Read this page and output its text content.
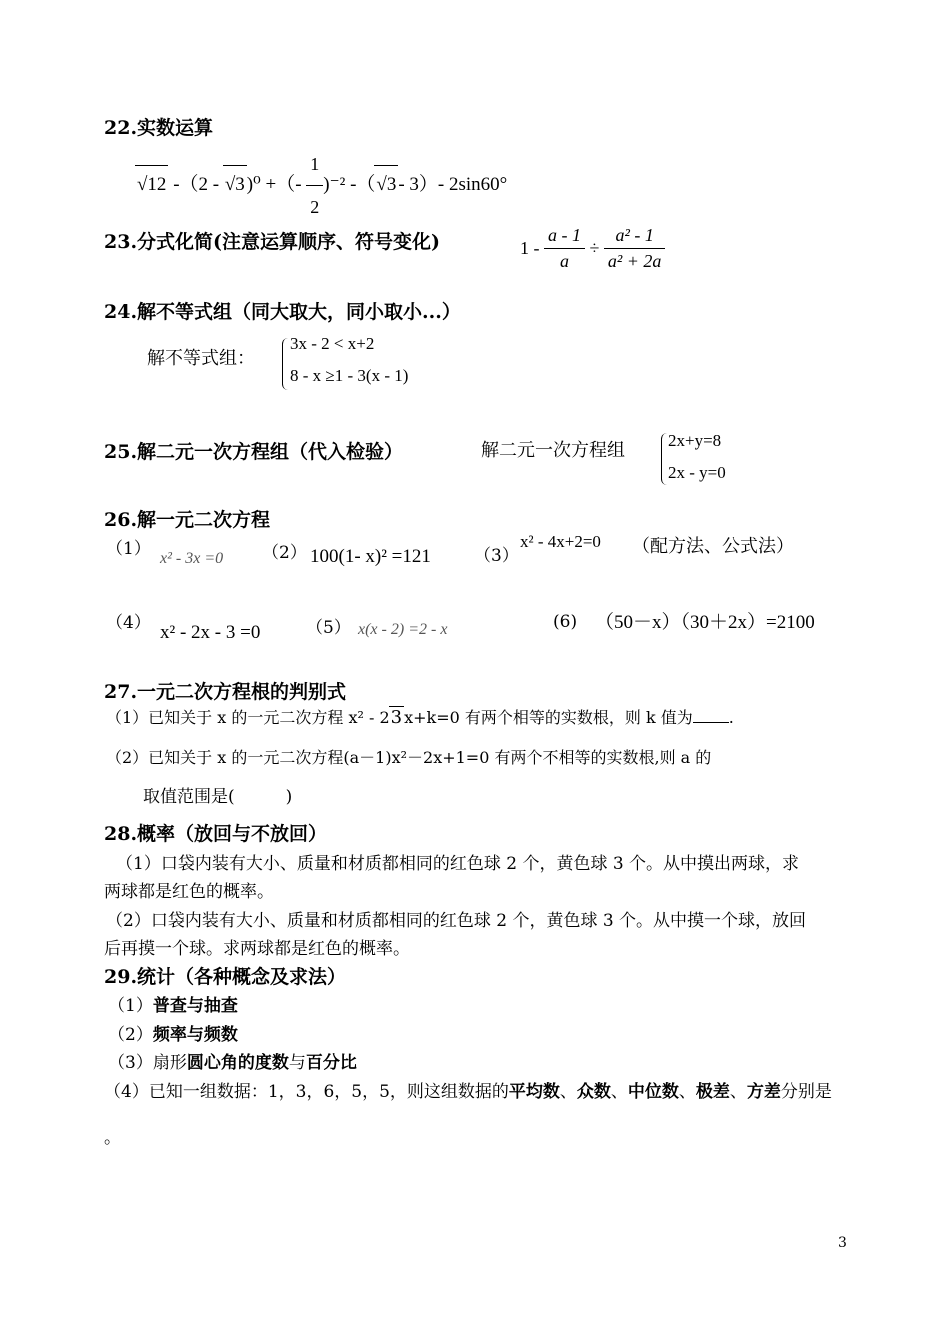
22.实数运算
√12 -（2 - √3 )⁰ +（- $\frac{1}{2} )^{-2}$ -（√3 - 3）- 2sin60°
23.分式化简(注意运算顺序、符号变化)	$1 - \frac{a - 1}{a} \div \frac{\text{a² - 1}}{\text{a² + 2a}}$
24.解不等式组（同大取大，同小取小...）
解不等式组：
3x - 2 < x+2
8 - x ≥1 - 3(x - 1)
25.解二元一次方程组（代入检验）	解二元一次方程组	2x+y=8
2x - y=0
26.解一元二次方程
（1） x² - 3x =0 （2） 100(1- x)² =121	（3）
x² - 4x+2=0 （配方法、公式法）
（4） x² - 2x - 3 =0	（5） x(x - 2) =2 - x	(6) （50－x）（30＋2x）=2100
27.一元二次方程根的判别式
（1）已知关于 x 的一元二次方程 x² - 23 x+k=0 有两个相等的实数根，则 k 值为 .
（2）已知关于 x 的一元二次方程(a－1)x²－2x+1=0 有两个不相等的实数根,则 a 的
取值范围是(　　　)
28.概率（放回与不放回）
（1）口袋内装有大小、质量和材质都相同的红色球 2 个，黄色球 3 个。从中摸出两球，求
两球都是红色的概率。
（2）口袋内装有大小、质量和材质都相同的红色球 2 个，黄色球 3 个。从中摸一个球，放回
后再摸一个球。求两球都是红色的概率。
29.统计（各种概念及求法）
（1）普查与抽查
（2）频率与频数
（3）扇形圆心角的度数与百分比
（4）已知一组数据：1，3，6，5，5，则这组数据的平均数、众数、中位数、极差、方差分别是
。
3
